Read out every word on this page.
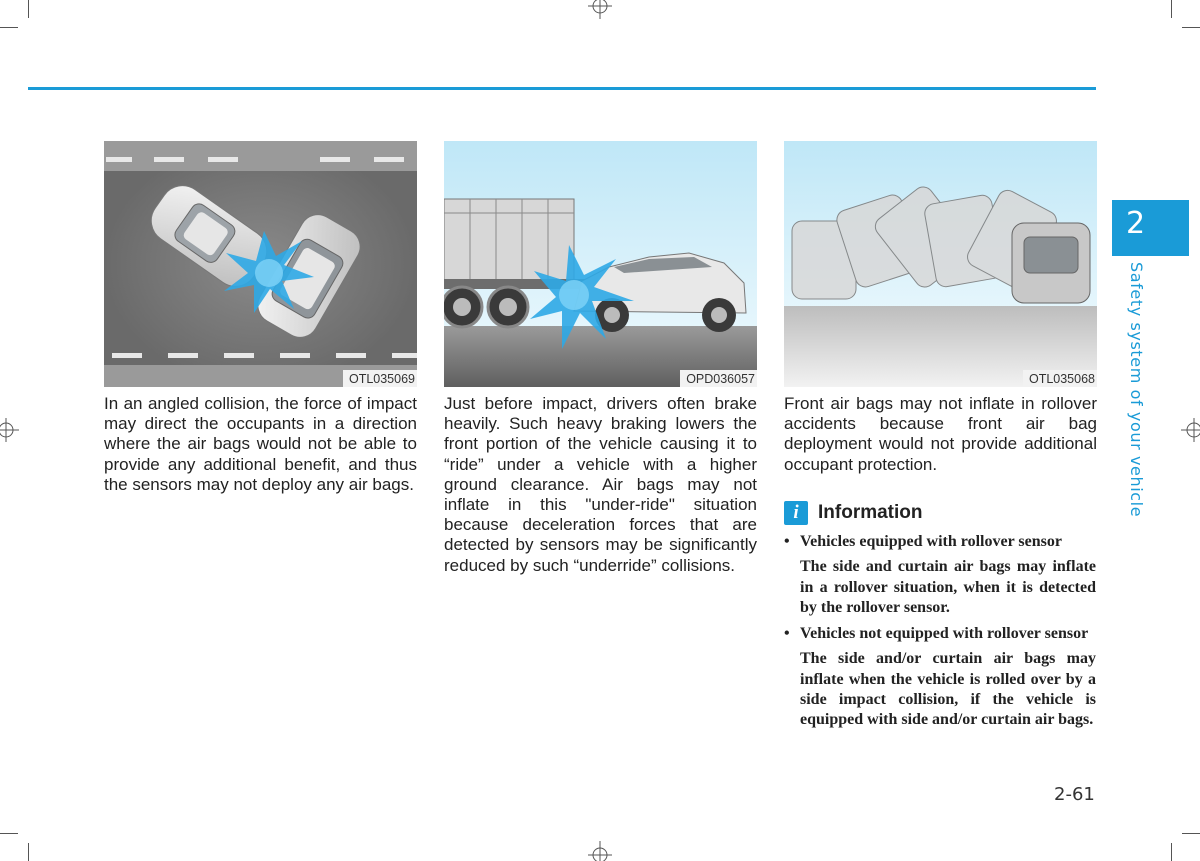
OTL035069	OPD036057	OTL035068
In an angled collision, the force of impact may direct the occupants in a direction where the air bags would not be able to provide any additional benefit, and thus the sensors may not deploy any air bags.
Just before impact, drivers often brake heavily. Such heavy braking lowers the front portion of the vehicle causing it to “ride” under a vehicle with a higher ground clearance. Air bags may not inflate in this "under-ride" situation because deceleration forces that are detected by sensors may be significantly reduced by such “underride” collisions.
Front air bags may not inflate in rollover accidents because front air bag deployment would not provide additional occupant protection.
i	Information
• Vehicles equipped with rollover sensor
The side and curtain air bags may inflate in a rollover situation, when it is detected by the rollover sensor.
• Vehicles not equipped with rollover sensor
The side and/or curtain air bags may inflate when the vehicle is rolled over by a side impact collision, if the vehicle is equipped with side and/or curtain air bags.
2
Safety system of your vehicle
2-61
